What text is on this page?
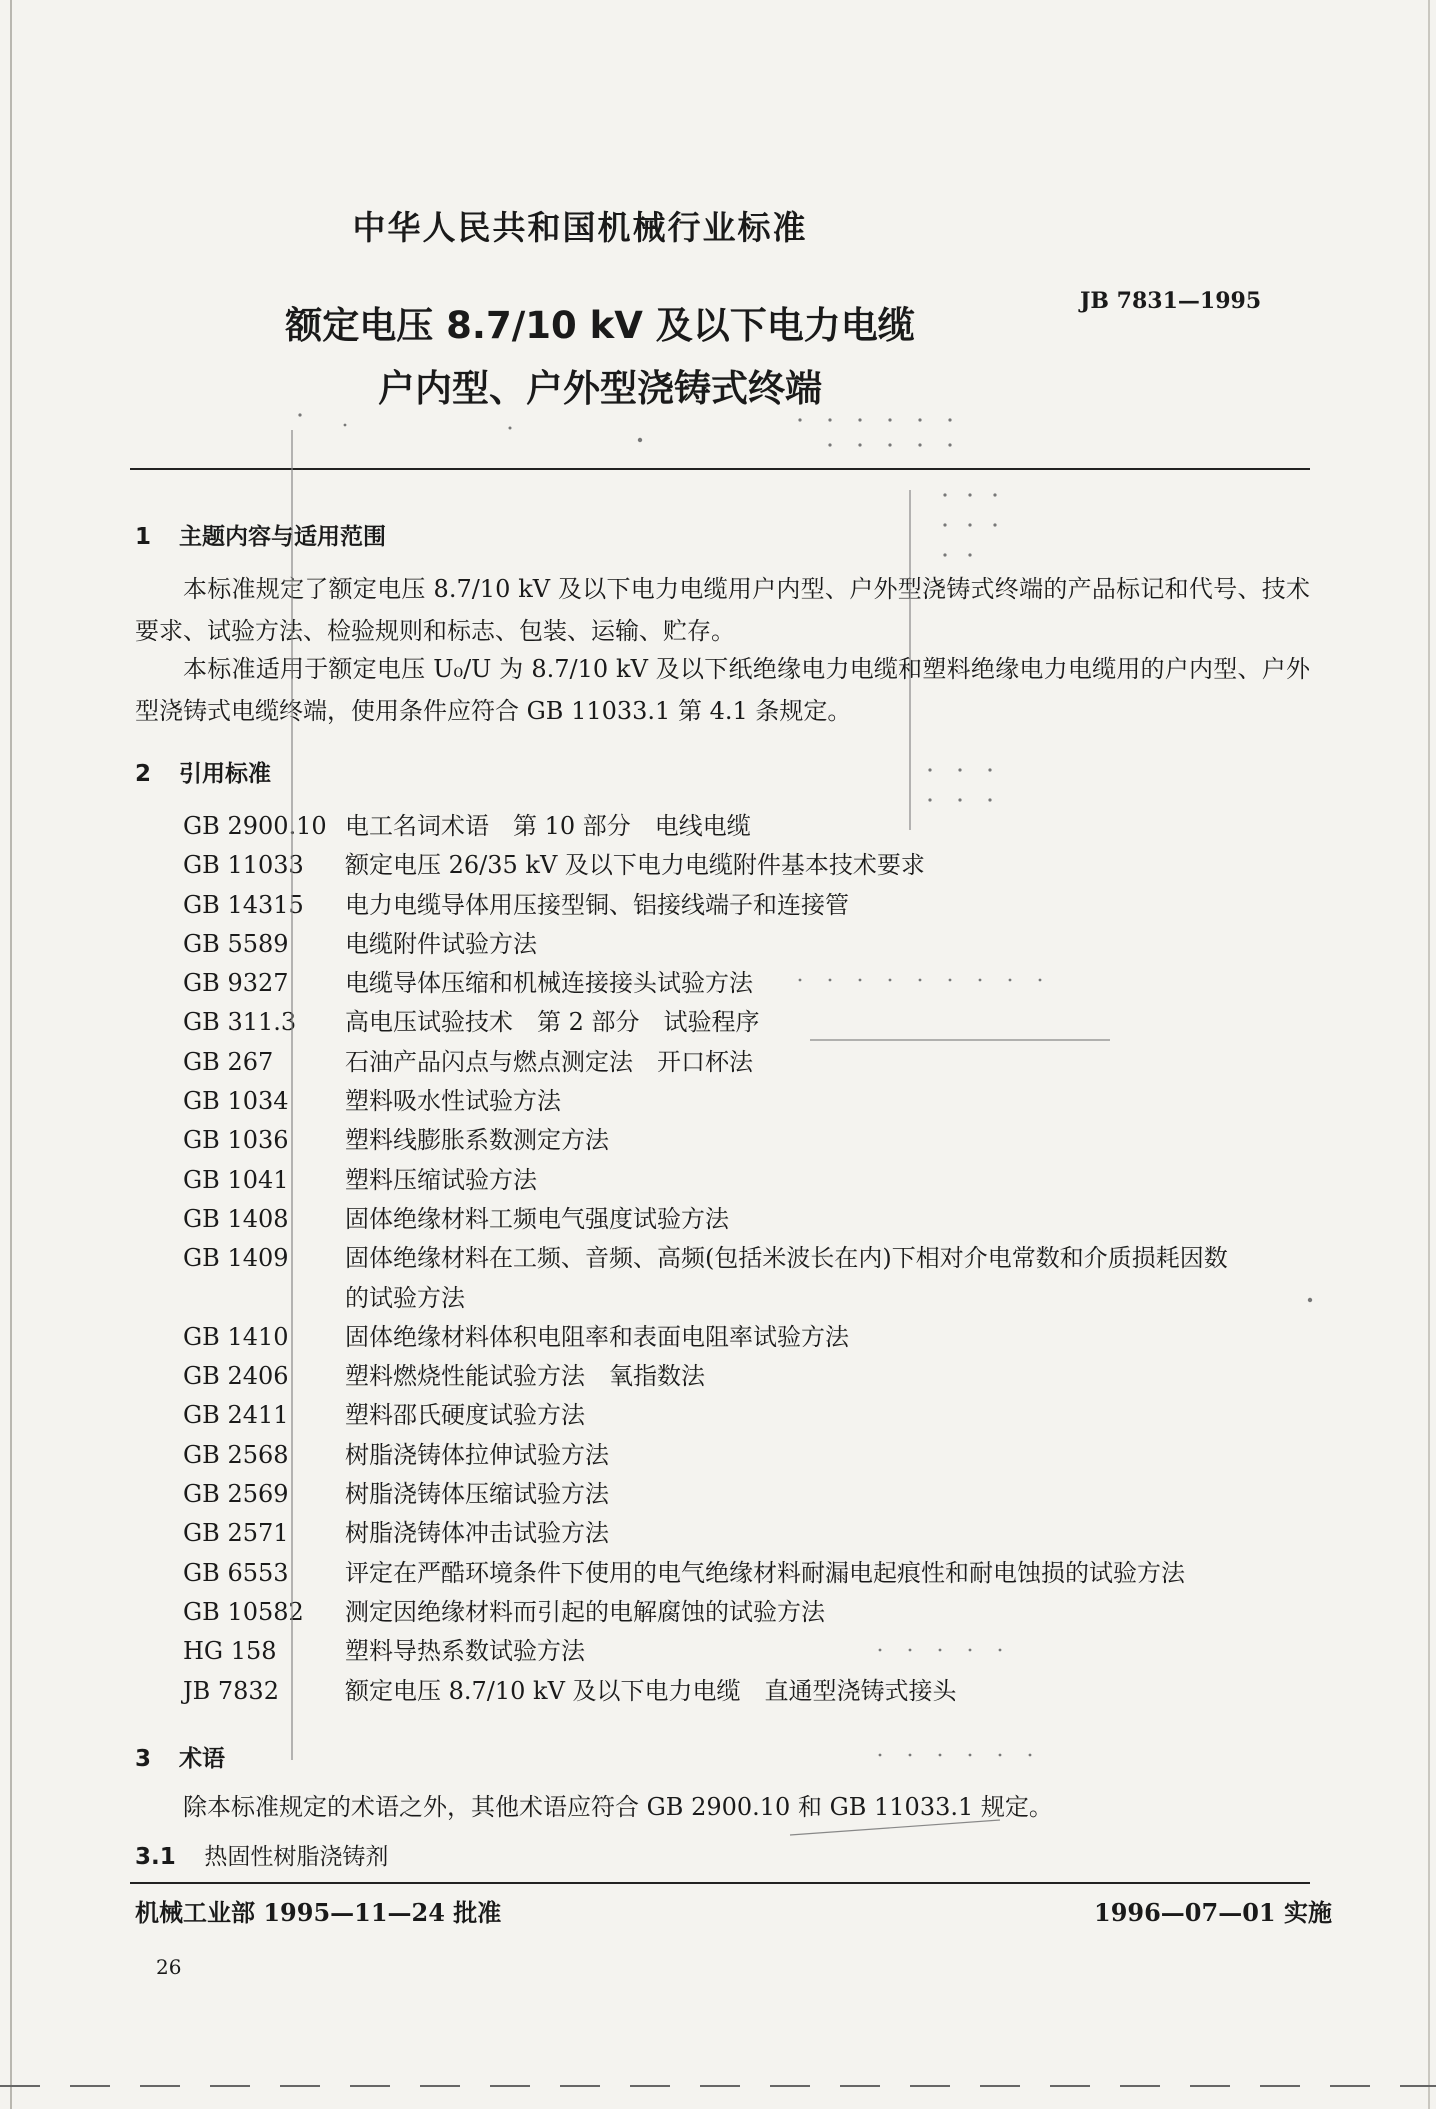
中华人民共和国机械行业标准
JB 7831—1995
额定电压 8.7/10 kV 及以下电力电缆
户内型、户外型浇铸式终端
1 主题内容与适用范围
本标准规定了额定电压 8.7/10 kV 及以下电力电缆用户内型、户外型浇铸式终端的产品标记和代号、技术要求、试验方法、检验规则和标志、包装、运输、贮存。
本标准适用于额定电压 U₀/U 为 8.7/10 kV 及以下纸绝缘电力电缆和塑料绝缘电力电缆用的户内型、户外型浇铸式电缆终端，使用条件应符合 GB 11033.1 第 4.1 条规定。
2 引用标准
GB 2900.10 电工名词术语　第 10 部分　电线电缆
GB 11033	额定电压 26/35 kV 及以下电力电缆附件基本技术要求
GB 14315	电力电缆导体用压接型铜、铝接线端子和连接管
GB 5589	电缆附件试验方法
GB 9327	电缆导体压缩和机械连接接头试验方法
GB 311.3	高电压试验技术　第 2 部分　试验程序
GB 267	石油产品闪点与燃点测定法　开口杯法
GB 1034	塑料吸水性试验方法
GB 1036	塑料线膨胀系数测定方法
GB 1041	塑料压缩试验方法
GB 1408	固体绝缘材料工频电气强度试验方法
GB 1409	固体绝缘材料在工频、音频、高频(包括米波长在内)下相对介电常数和介质损耗因数
的试验方法
GB 1410	固体绝缘材料体积电阻率和表面电阻率试验方法
GB 2406	塑料燃烧性能试验方法　氧指数法
GB 2411	塑料邵氏硬度试验方法
GB 2568	树脂浇铸体拉伸试验方法
GB 2569	树脂浇铸体压缩试验方法
GB 2571	树脂浇铸体冲击试验方法
GB 6553	评定在严酷环境条件下使用的电气绝缘材料耐漏电起痕性和耐电蚀损的试验方法
GB 10582	测定因绝缘材料而引起的电解腐蚀的试验方法
HG 158	塑料导热系数试验方法
JB 7832	额定电压 8.7/10 kV 及以下电力电缆　直通型浇铸式接头
3 术语
除本标准规定的术语之外，其他术语应符合 GB 2900.10 和 GB 11033.1 规定。
3.1 热固性树脂浇铸剂
机械工业部 1995—11—24 批准	1996—07—01 实施
26
